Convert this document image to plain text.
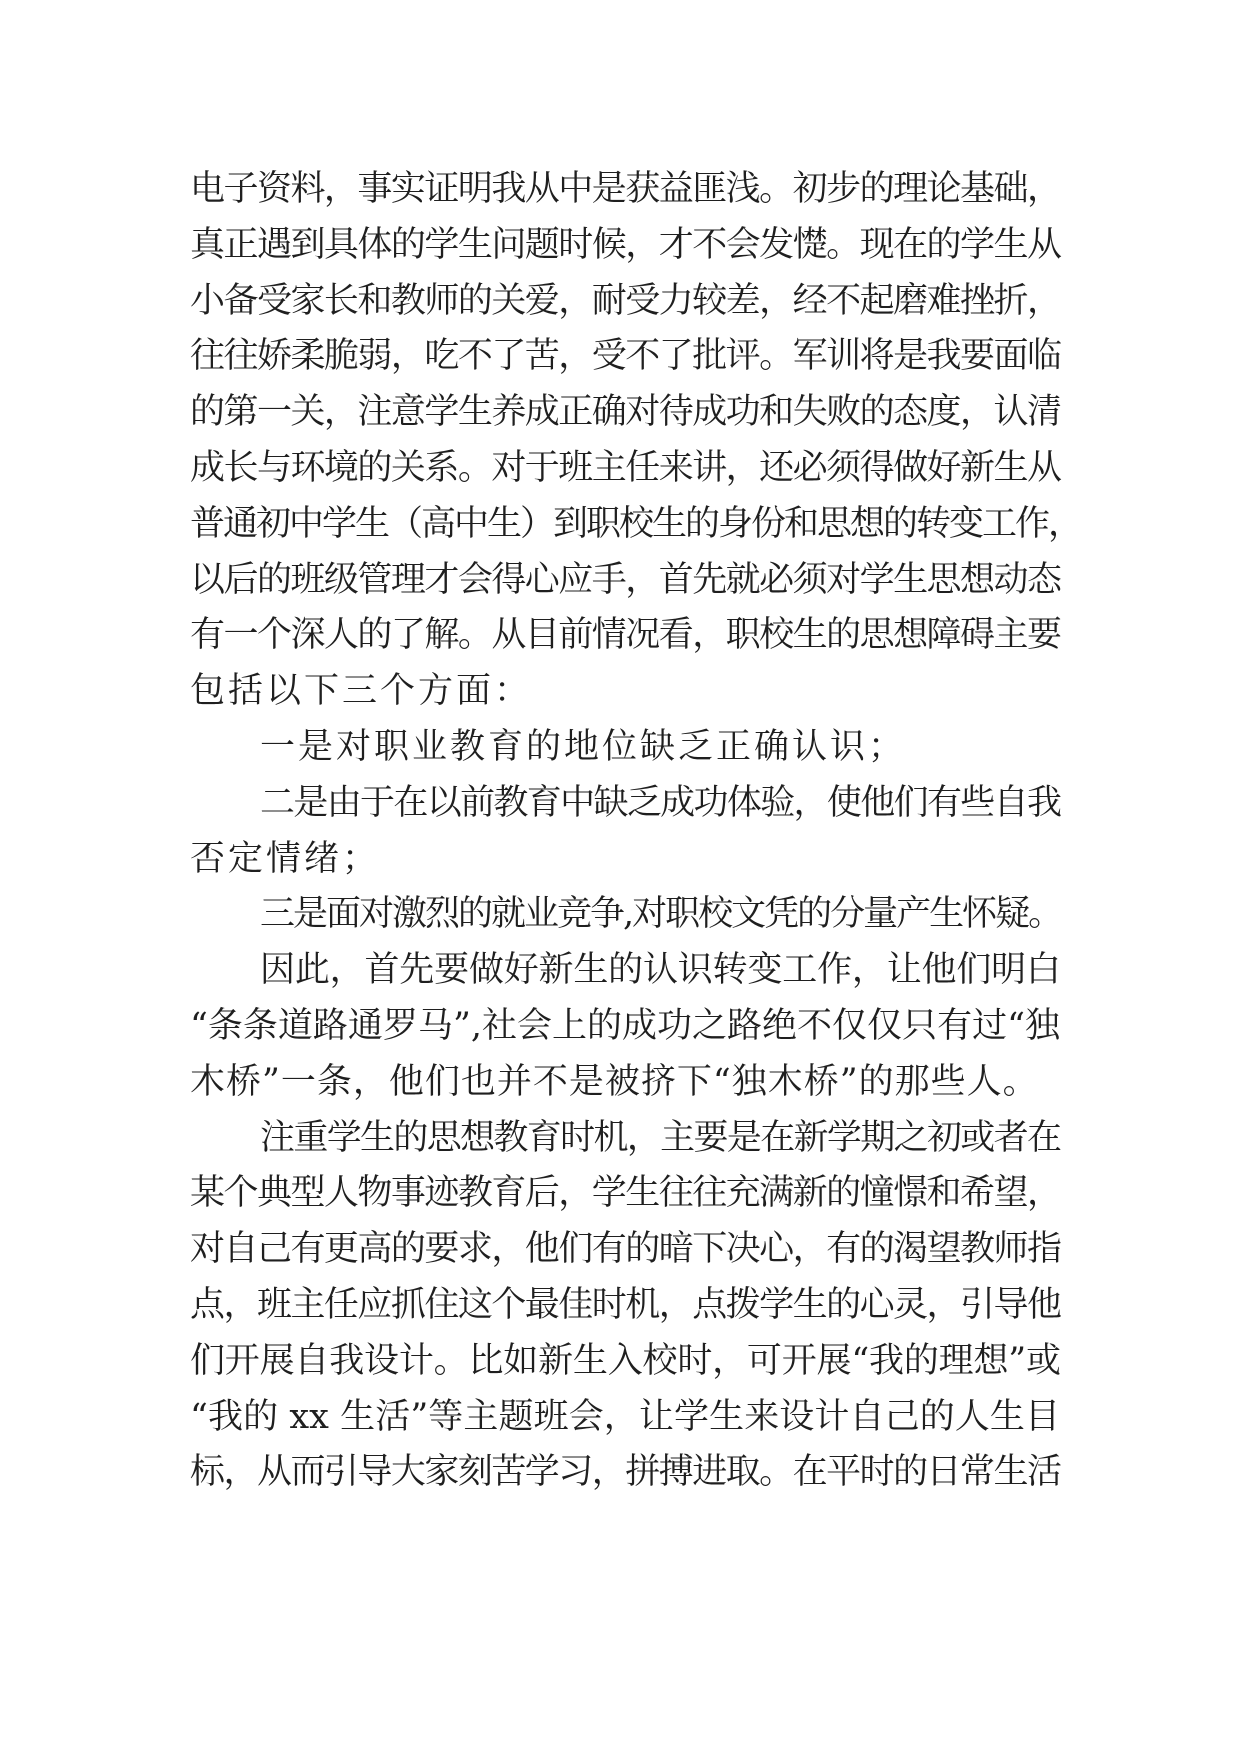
电子资料，事实证明我从中是获益匪浅。初步的理论基础，
真正遇到具体的学生问题时候，才不会发憷。现在的学生从
小备受家长和教师的关爱，耐受力较差，经不起磨难挫折，
往往娇柔脆弱，吃不了苦，受不了批评。军训将是我要面临
的第一关，注意学生养成正确对待成功和失败的态度，认清
成长与环境的关系。对于班主任来讲，还必须得做好新生从
普通初中学生（高中生）到职校生的身份和思想的转变工作，
以后的班级管理才会得心应手，首先就必须对学生思想动态
有一个深人的了解。从目前情况看，职校生的思想障碍主要
包括以下三个方面：
一是对职业教育的地位缺乏正确认识；
二是由于在以前教育中缺乏成功体验，使他们有些自我
否定情绪；
三是面对激烈的就业竞争,对职校文凭的分量产生怀疑。
因此，首先要做好新生的认识转变工作，让他们明白
“条条道路通罗马”,社会上的成功之路绝不仅仅只有过“独
木桥”一条，他们也并不是被挤下“独木桥”的那些人。
注重学生的思想教育时机，主要是在新学期之初或者在
某个典型人物事迹教育后，学生往往充满新的憧憬和希望，
对自己有更高的要求，他们有的暗下决心，有的渴望教师指
点，班主任应抓住这个最佳时机，点拨学生的心灵，引导他
们开展自我设计。比如新生入校时，可开展“我的理想”或
“我的 xx 生活”等主题班会，让学生来设计自己的人生目
标，从而引导大家刻苦学习，拼搏进取。在平时的日常生活
